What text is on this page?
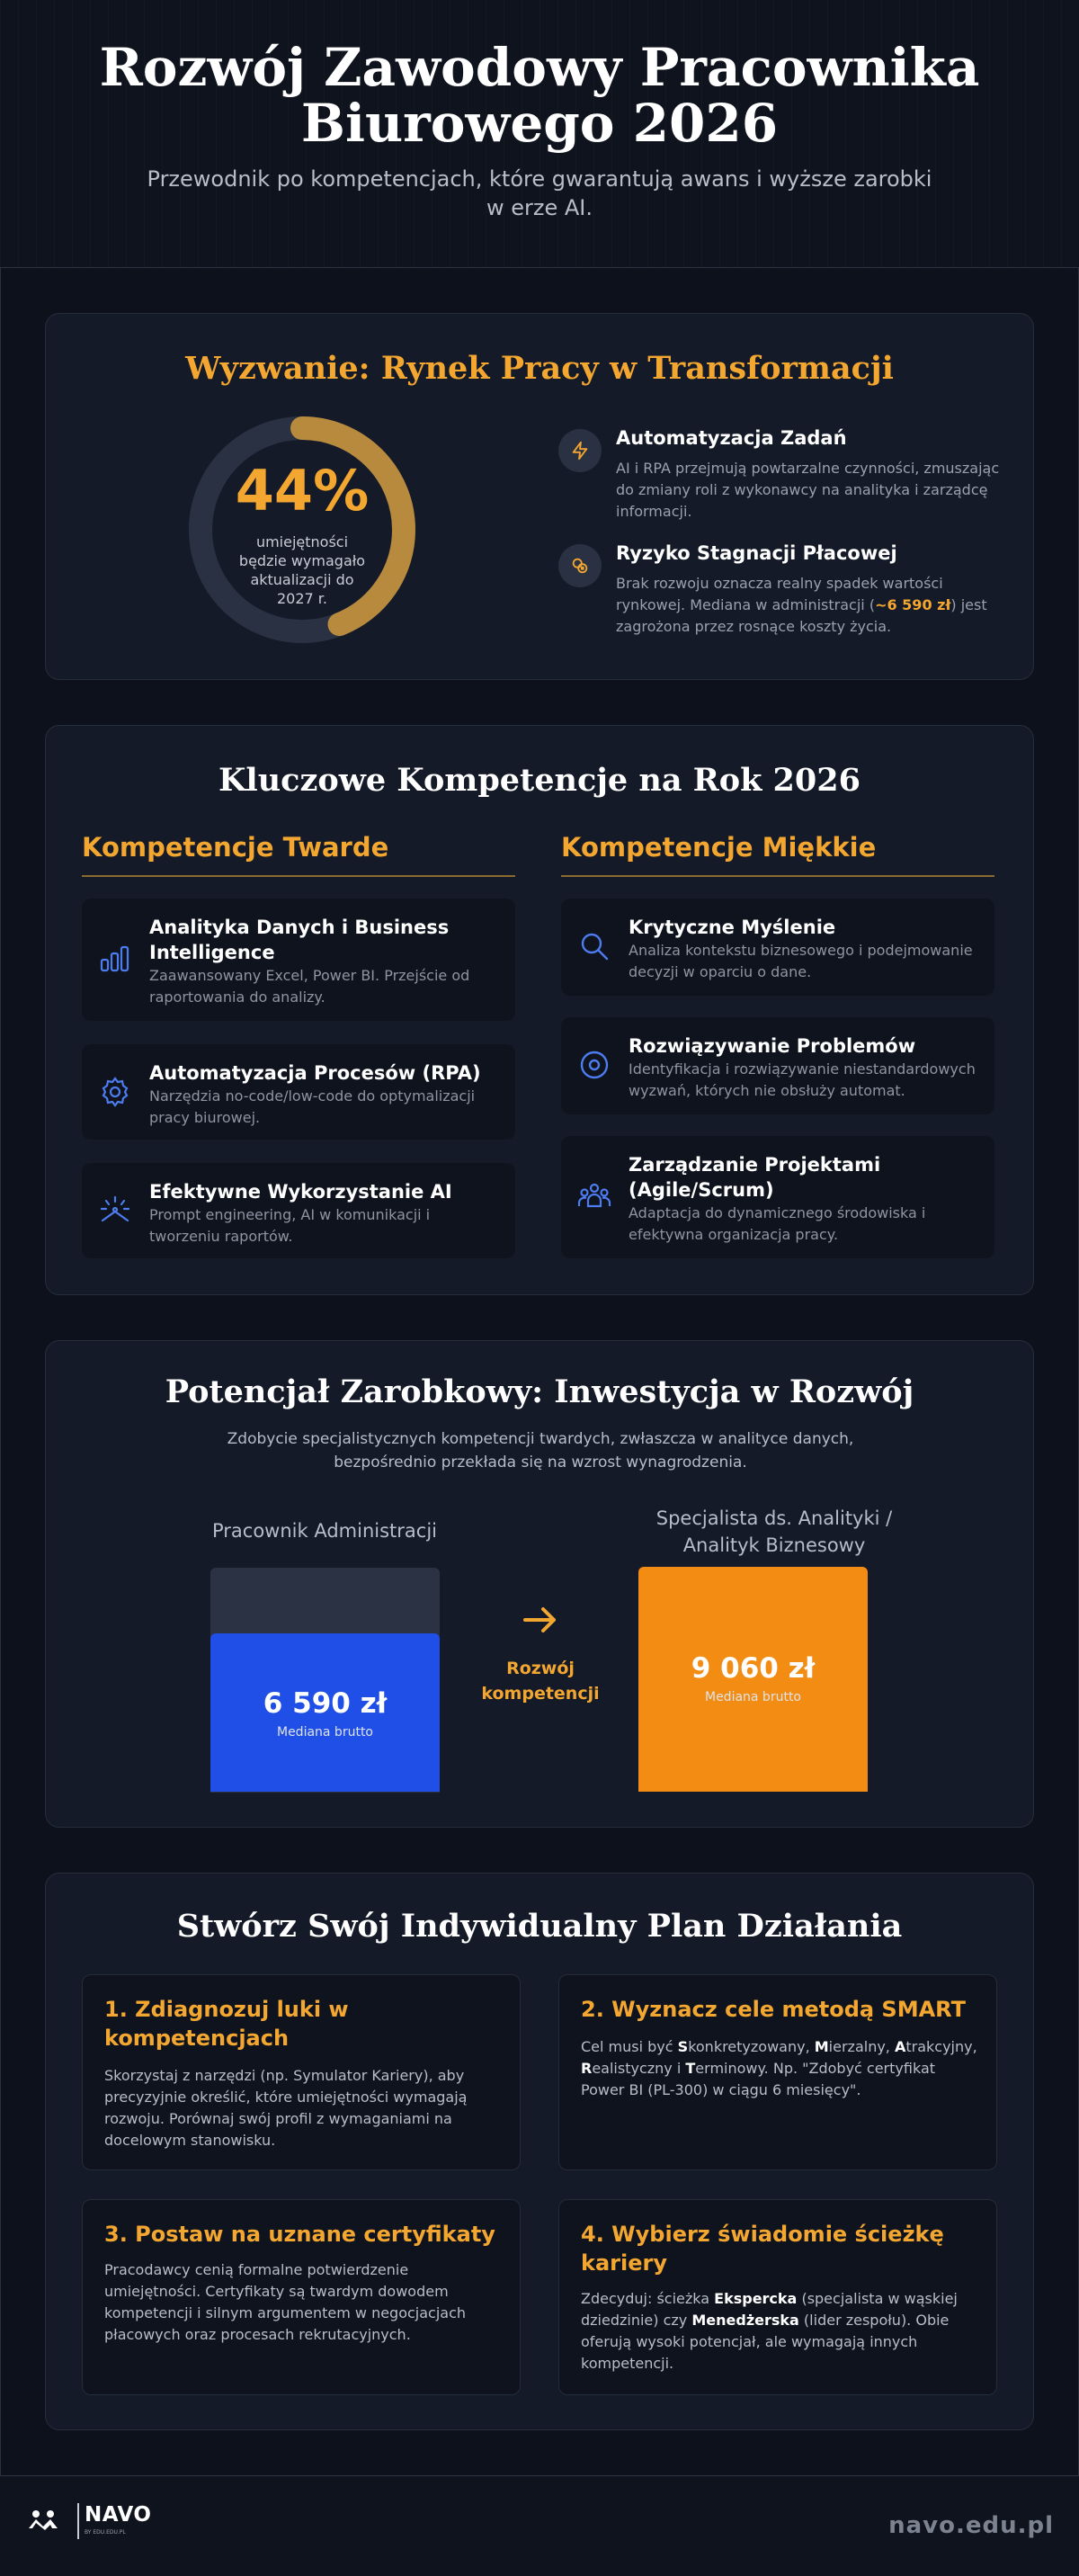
Rozwój Zawodowy Pracownika Biurowego 2026

Przewodnik po kompetencjach, które gwarantują awans i wyższe zarobki w erze AI.

Wyzwanie: Rynek Pracy w Transformacji
44%
umiejętności będzie wymagało aktualizacji do 2027 r.
Automatyzacja Zadań

AI i RPA przejmują powtarzalne czynności, zmuszając do zmiany roli z wykonawcy na analityka i zarządcę informacji.

Ryzyko Stagnacji Płacowej

Brak rozwoju oznacza realny spadek wartości rynkowej. Mediana w administracji (~6 590 zł) jest zagrożona przez rosnące koszty życia.

Kluczowe Kompetencje na Rok 2026
Kompetencje Twarde	Kompetencje Miękkie
Analityka Danych i Business Intelligence

Zaawansowany Excel, Power BI. Przejście od raportowania do analizy.

Automatyzacja Procesów (RPA)

Narzędzia no-code/low-code do optymalizacji pracy biurowej.

Efektywne Wykorzystanie AI

Prompt engineering, AI w komunikacji i tworzeniu raportów.

Krytyczne Myślenie

Analiza kontekstu biznesowego i podejmowanie decyzji w oparciu o dane.

Rozwiązywanie Problemów

Identyfikacja i rozwiązywanie niestandardowych wyzwań, których nie obsłuży automat.

Zarządzanie Projektami (Agile/Scrum)

Adaptacja do dynamicznego środowiska i efektywna organizacja pracy.

Potencjał Zarobkowy: Inwestycja w Rozwój

Zdobycie specjalistycznych kompetencji twardych, zwłaszcza w analityce danych, bezpośrednio przekłada się na wzrost wynagrodzenia.

Pracownik Administracji
Specjalista ds. Analityki / Analityk Biznesowy
6 590 zł
Mediana brutto
9 060 zł
Mediana brutto
Rozwój kompetencji
Stwórz Swój Indywidualny Plan Działania
1. Zdiagnozuj luki w kompetencjach

Skorzystaj z narzędzi (np. Symulator Kariery), aby precyzyjnie określić, które umiejętności wymagają rozwoju. Porównaj swój profil z wymaganiami na docelowym stanowisku.

2. Wyznacz cele metodą SMART

Cel musi być Skonkretyzowany, Mierzalny, Atrakcyjny, Realistyczny i Terminowy. Np. "Zdobyć certyfikat Power BI (PL-300) w ciągu 6 miesięcy".

3. Postaw na uznane certyfikaty

Pracodawcy cenią formalne potwierdzenie umiejętności. Certyfikaty są twardym dowodem kompetencji i silnym argumentem w negocjacjach płacowych oraz procesach rekrutacyjnych.

4. Wybierz świadomie ścieżkę kariery

Zdecyduj: ścieżka Ekspercka (specjalista w wąskiej dziedzinie) czy Menedżerska (lider zespołu). Obie oferują wysoki potencjał, ale wymagają innych kompetencji.

NAVO
BY EDU.EDU.PL	navo.edu.pl
